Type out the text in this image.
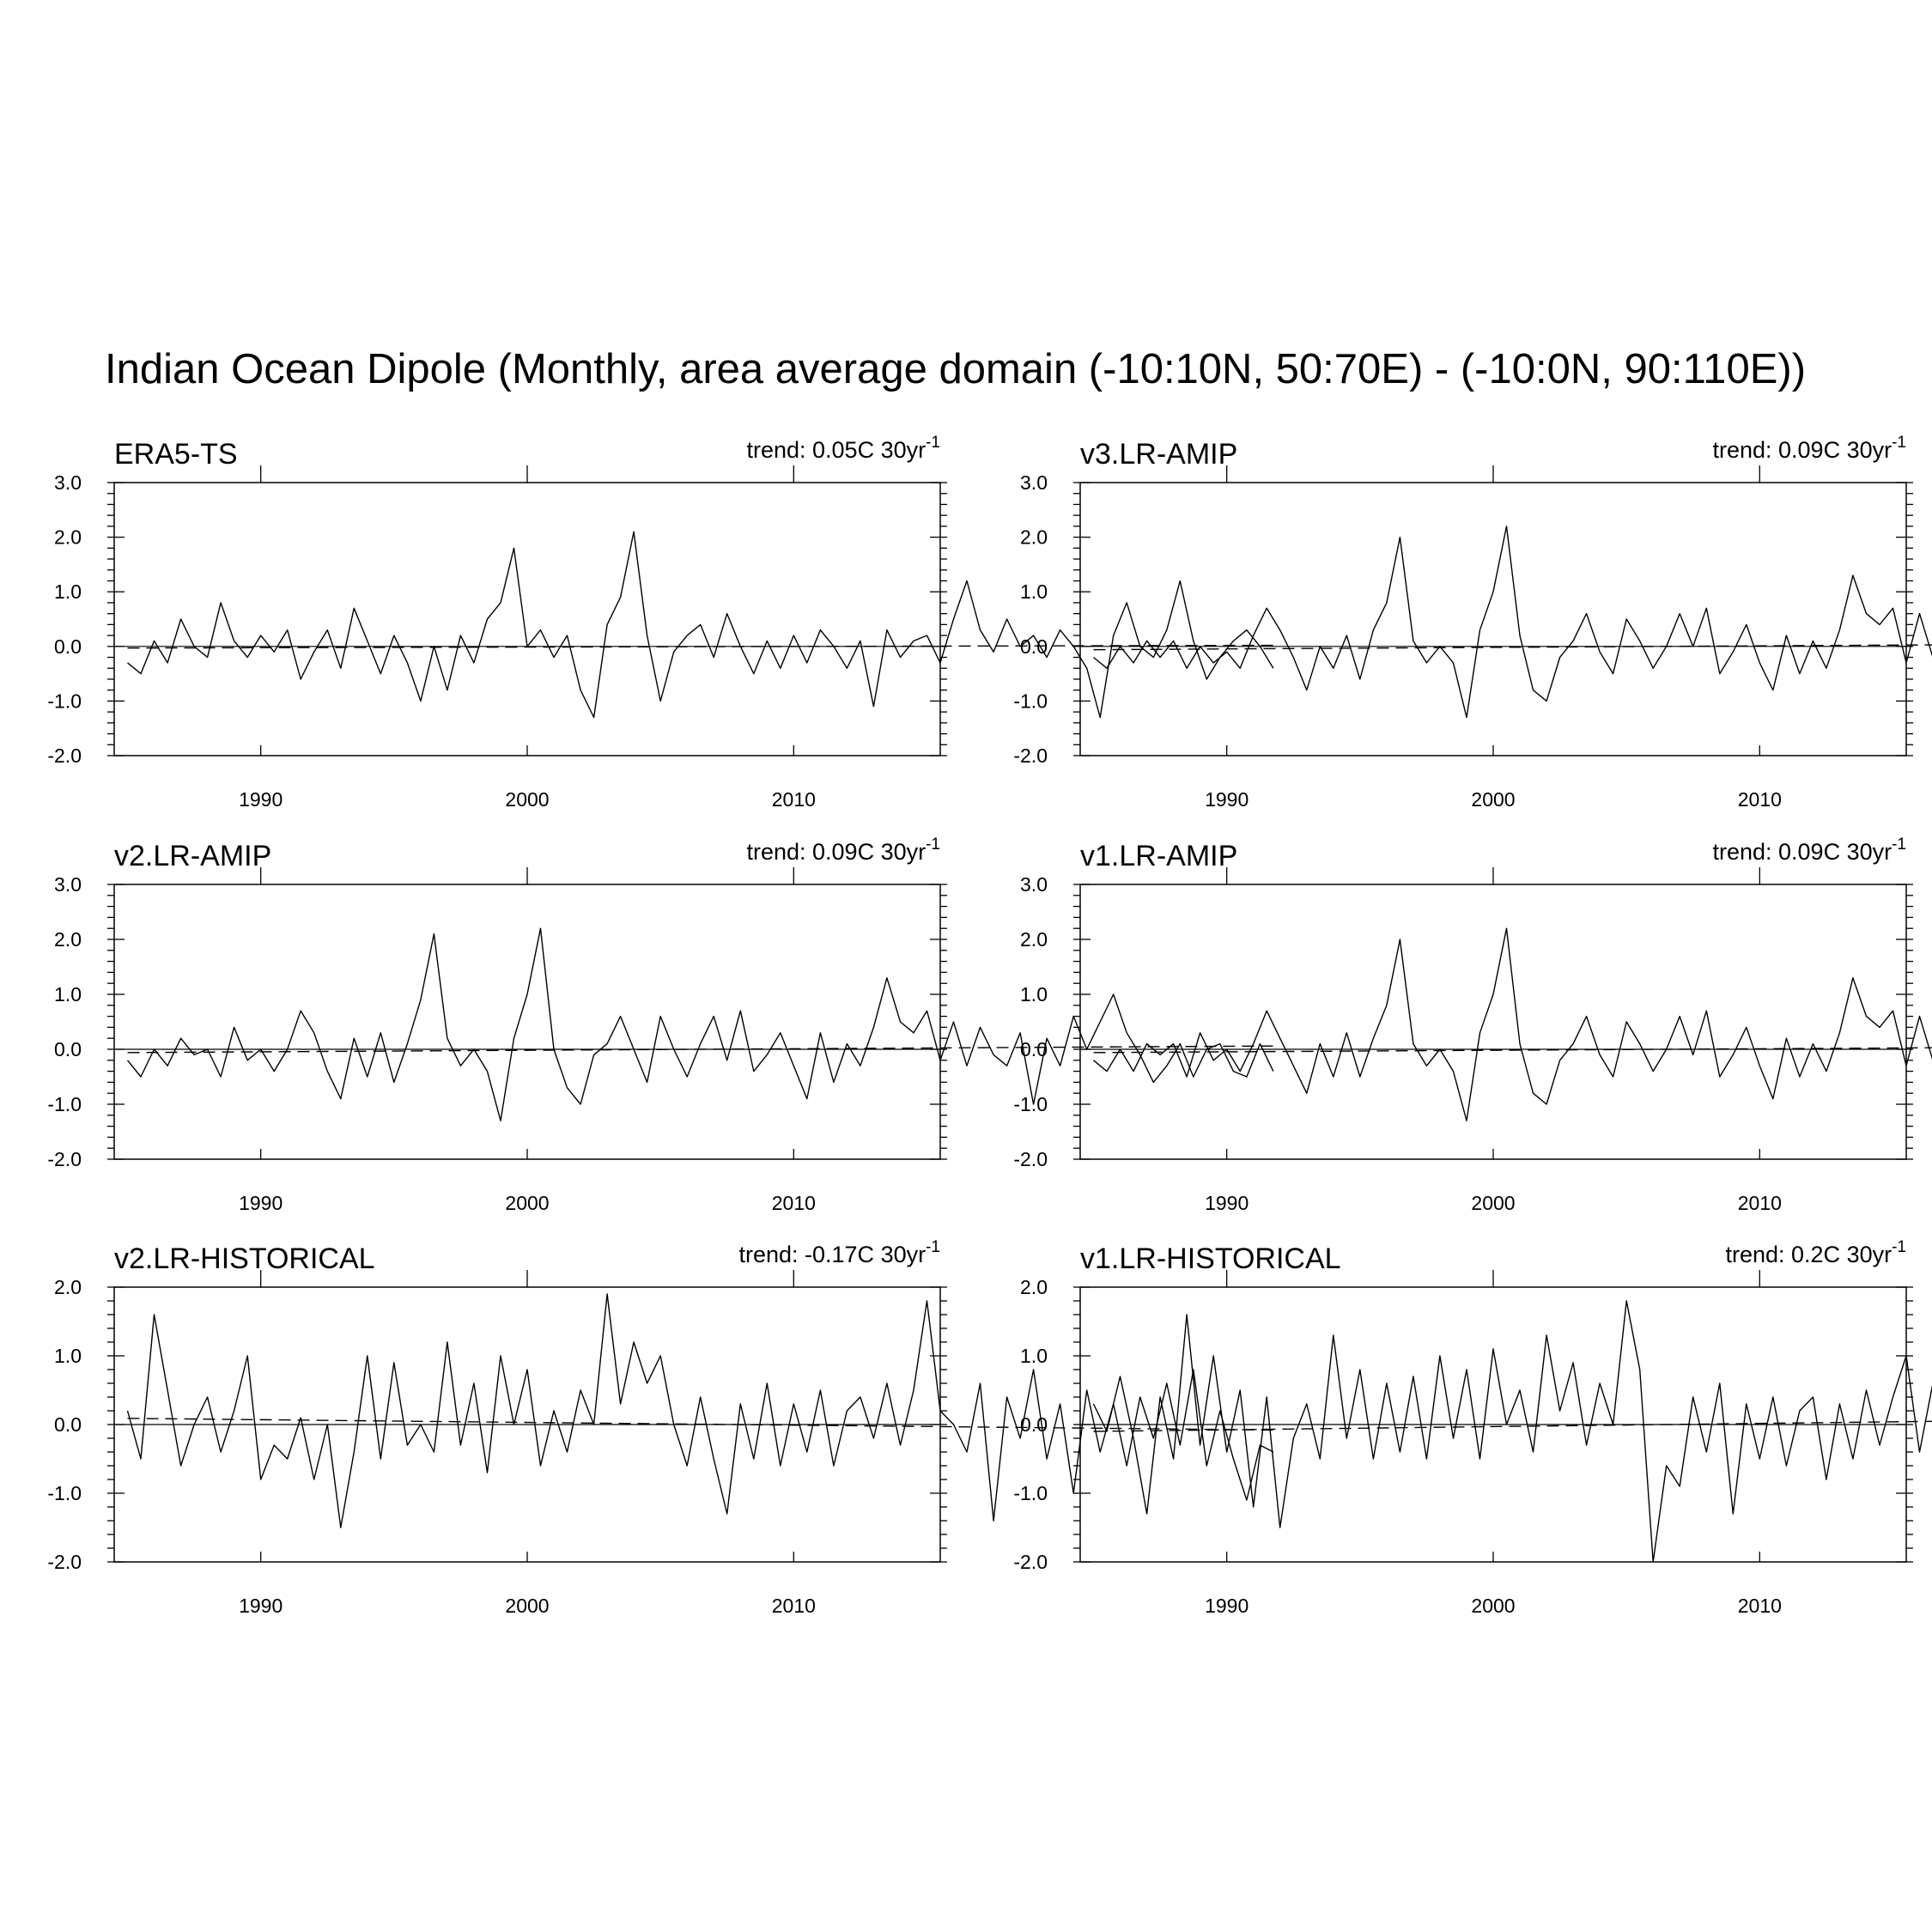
Indian Ocean Dipole (Monthly, area average domain (-10:10N, 50:70E) - (-10:0N, 90:110E))
ERA5-TS	trend: 0.05C $30yr^{-1}$
-2.0
-1.0
0.0
1.0
2.0
3.0
1990	2000	2010
v3.LR-AMIP	trend: 0.09C $30yr^{-1}$
-2.0
-1.0
0.0
1.0
2.0
3.0
1990	2000	2010
v2.LR-AMIP	trend: 0.09C $30yr^{-1}$
-2.0
-1.0
0.0
1.0
2.0
3.0
1990	2000	2010
v1.LR-AMIP	trend: 0.09C $30yr^{-1}$
-2.0
-1.0
0.0
1.0
2.0
3.0
1990	2000	2010
v2.LR-HISTORICAL	trend: -0.17C $30yr^{-1}$
-2.0
-1.0
0.0
1.0
2.0
1990	2000	2010
v1.LR-HISTORICAL	trend: 0.2C $30yr^{-1}$
-2.0
-1.0
0.0
1.0
2.0
1990	2000	2010
